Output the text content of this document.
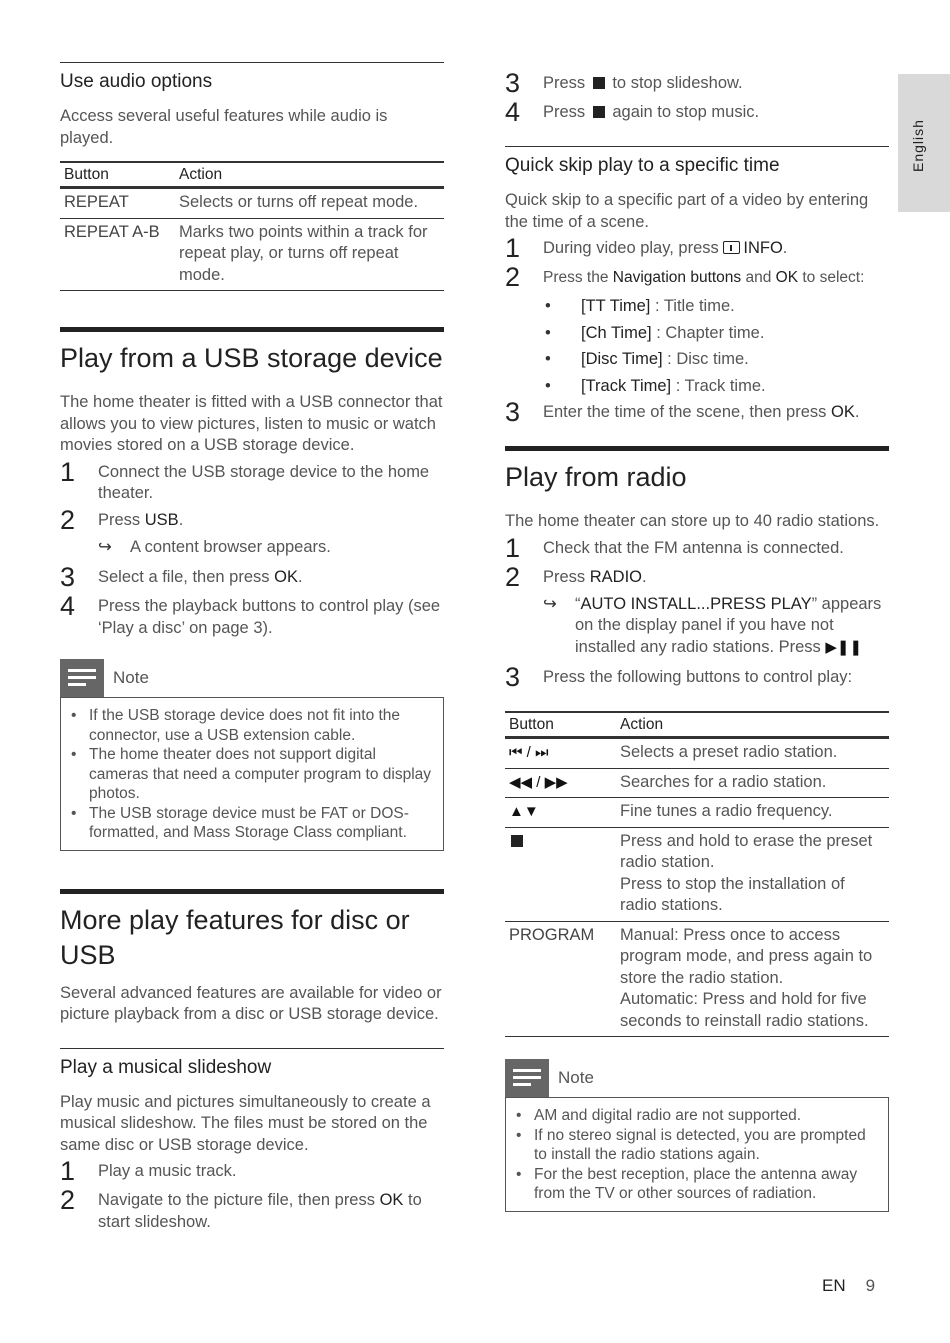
English
Use audio options

Access several useful features while audio is played.

Button	Action
REPEAT	Selects or turns off repeat mode.
REPEAT A-B	Marks two points within a track for repeat play, or turns off repeat mode.
Play from a USB storage device

The home theater is fitted with a USB connector that allows you to view pictures, listen to music or watch movies stored on a USB storage device.

1	Connect the USB storage device to the home theater.
2	Press USB.
↪	A content browser appears.
3	Select a file, then press OK.
4	Press the playback buttons to control play (see ‘Play a disc’ on page 3).
Note
• If the USB storage device does not fit into the connector, use a USB extension cable.
• The home theater does not support digital cameras that need a computer program to display photos.
• The USB storage device must be FAT or DOS-formatted, and Mass Storage Class compliant.
More play features for disc or USB

Several advanced features are available for video or picture playback from a disc or USB storage device.

Play a musical slideshow

Play music and pictures simultaneously to create a musical slideshow. The files must be stored on the same disc or USB storage device.

1	Play a music track.
2	Navigate to the picture file, then press OK to start slideshow.
3	Press  to stop slideshow.
4	Press  again to stop music.
Quick skip play to a specific time

Quick skip to a specific part of a video by entering the time of a scene.

1	During video play, press INFO.
2	Press the Navigation buttons and OK to select:
•	[TT Time] : Title time.
•	[Ch Time] : Chapter time.
•	[Disc Time] : Disc time.
•	[Track Time] : Track time.
3	Enter the time of the scene, then press OK.
Play from radio

The home theater can store up to 40 radio stations.

1	Check that the FM antenna is connected.
2	Press RADIO.
↪	“AUTO INSTALL...PRESS PLAY” appears on the display panel if you have not installed any radio stations. Press ▶❚❚
3	Press the following buttons to control play:
Button	Action
⏮ / ⏭	Selects a preset radio station.
◀◀ / ▶▶	Searches for a radio station.
▲▼	Fine tunes a radio frequency.
	Press and hold to erase the preset radio station.
Press to stop the installation of radio stations.
PROGRAM	Manual: Press once to access program mode, and press again to store the radio station.
Automatic: Press and hold for five seconds to reinstall radio stations.
Note
• AM and digital radio are not supported.
• If no stereo signal is detected, you are prompted to install the radio stations again.
• For the best reception, place the antenna away from the TV or other sources of radiation.
EN 9
